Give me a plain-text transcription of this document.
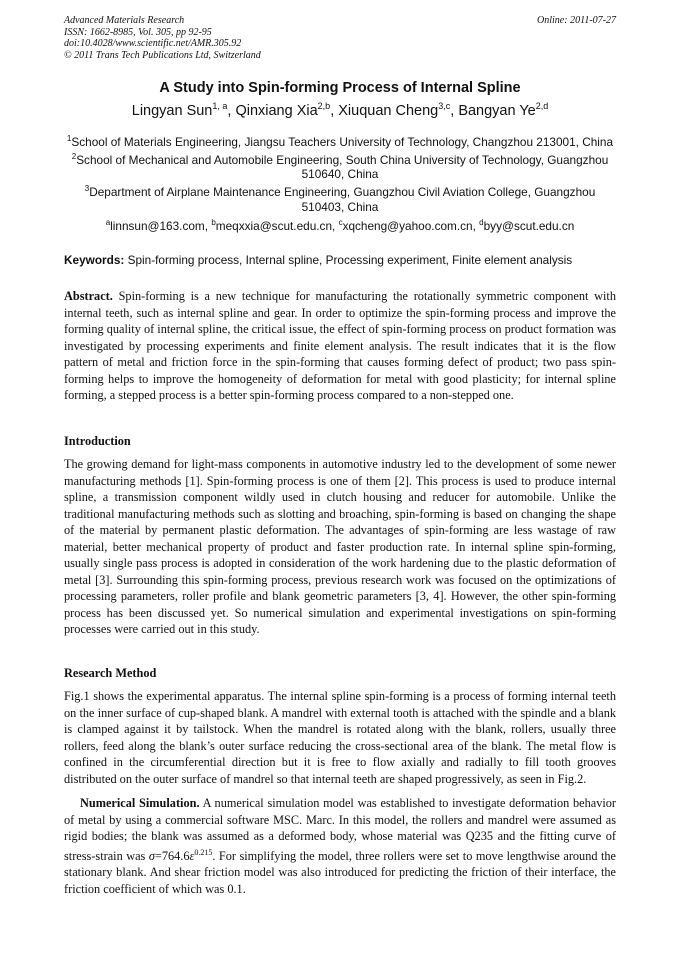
Advanced Materials Research
ISSN: 1662-8985, Vol. 305, pp 92-95
doi:10.4028/www.scientific.net/AMR.305.92
© 2011 Trans Tech Publications Ltd, Switzerland
Online: 2011-07-27
A Study into Spin-forming Process of Internal Spline
Lingyan Sun$^{1, a}$, Qinxiang Xia$^{2,b}$, Xiuquan Cheng$^{3,c}$, Bangyan Ye$^{2,d}$
$^1$School of Materials Engineering, Jiangsu Teachers University of Technology, Changzhou 213001, China
$^2$School of Mechanical and Automobile Engineering, South China University of Technology, Guangzhou 510640, China
$^3$Department of Airplane Maintenance Engineering, Guangzhou Civil Aviation College, Guangzhou 510403, China
$^a$linnsun@163.com, $^b$meqxxia@scut.edu.cn, $^c$xqcheng@yahoo.com.cn, $^d$byy@scut.edu.cn
Keywords: Spin-forming process, Internal spline, Processing experiment, Finite element analysis
Abstract. Spin-forming is a new technique for manufacturing the rotationally symmetric component with internal teeth, such as internal spline and gear. In order to optimize the spin-forming process and improve the forming quality of internal spline, the critical issue, the effect of spin-forming process on product formation was investigated by processing experiments and finite element analysis. The result indicates that it is the flow pattern of metal and friction force in the spin-forming that causes forming defect of product; two pass spin-forming helps to improve the homogeneity of deformation for metal with good plasticity; for internal spline forming, a stepped process is a better spin-forming process compared to a non-stepped one.
Introduction
The growing demand for light-mass components in automotive industry led to the development of some newer manufacturing methods [1]. Spin-forming process is one of them [2]. This process is used to produce internal spline, a transmission component wildly used in clutch housing and reducer for automobile. Unlike the traditional manufacturing methods such as slotting and broaching, spin-forming is based on changing the shape of the material by permanent plastic deformation. The advantages of spin-forming are less wastage of raw material, better mechanical property of product and faster production rate. In internal spline spin-forming, usually single pass process is adopted in consideration of the work hardening due to the plastic deformation of metal [3]. Surrounding this spin-forming process, previous research work was focused on the optimizations of processing parameters, roller profile and blank geometric parameters [3, 4]. However, the other spin-forming process has been discussed yet. So numerical simulation and experimental investigations on spin-forming processes were carried out in this study.
Research Method
Fig.1 shows the experimental apparatus. The internal spline spin-forming is a process of forming internal teeth on the inner surface of cup-shaped blank. A mandrel with external tooth is attached with the spindle and a blank is clamped against it by tailstock. When the mandrel is rotated along with the blank, rollers, usually three rollers, feed along the blank’s outer surface reducing the cross-sectional area of the blank. The metal flow is confined in the circumferential direction but it is free to flow axially and radially to fill tooth grooves distributed on the outer surface of mandrel so that internal teeth are shaped progressively, as seen in Fig.2.
Numerical Simulation. A numerical simulation model was established to investigate deformation behavior of metal by using a commercial software MSC. Marc. In this model, the rollers and mandrel were assumed as rigid bodies; the blank was assumed as a deformed body, whose material was Q235 and the fitting curve of stress-strain was $\sigma=764.6\varepsilon^{0.215}$. For simplifying the model, three rollers were set to move lengthwise around the stationary blank. And shear friction model was also introduced for predicting the friction of their interface, the friction coefficient of which was 0.1.
